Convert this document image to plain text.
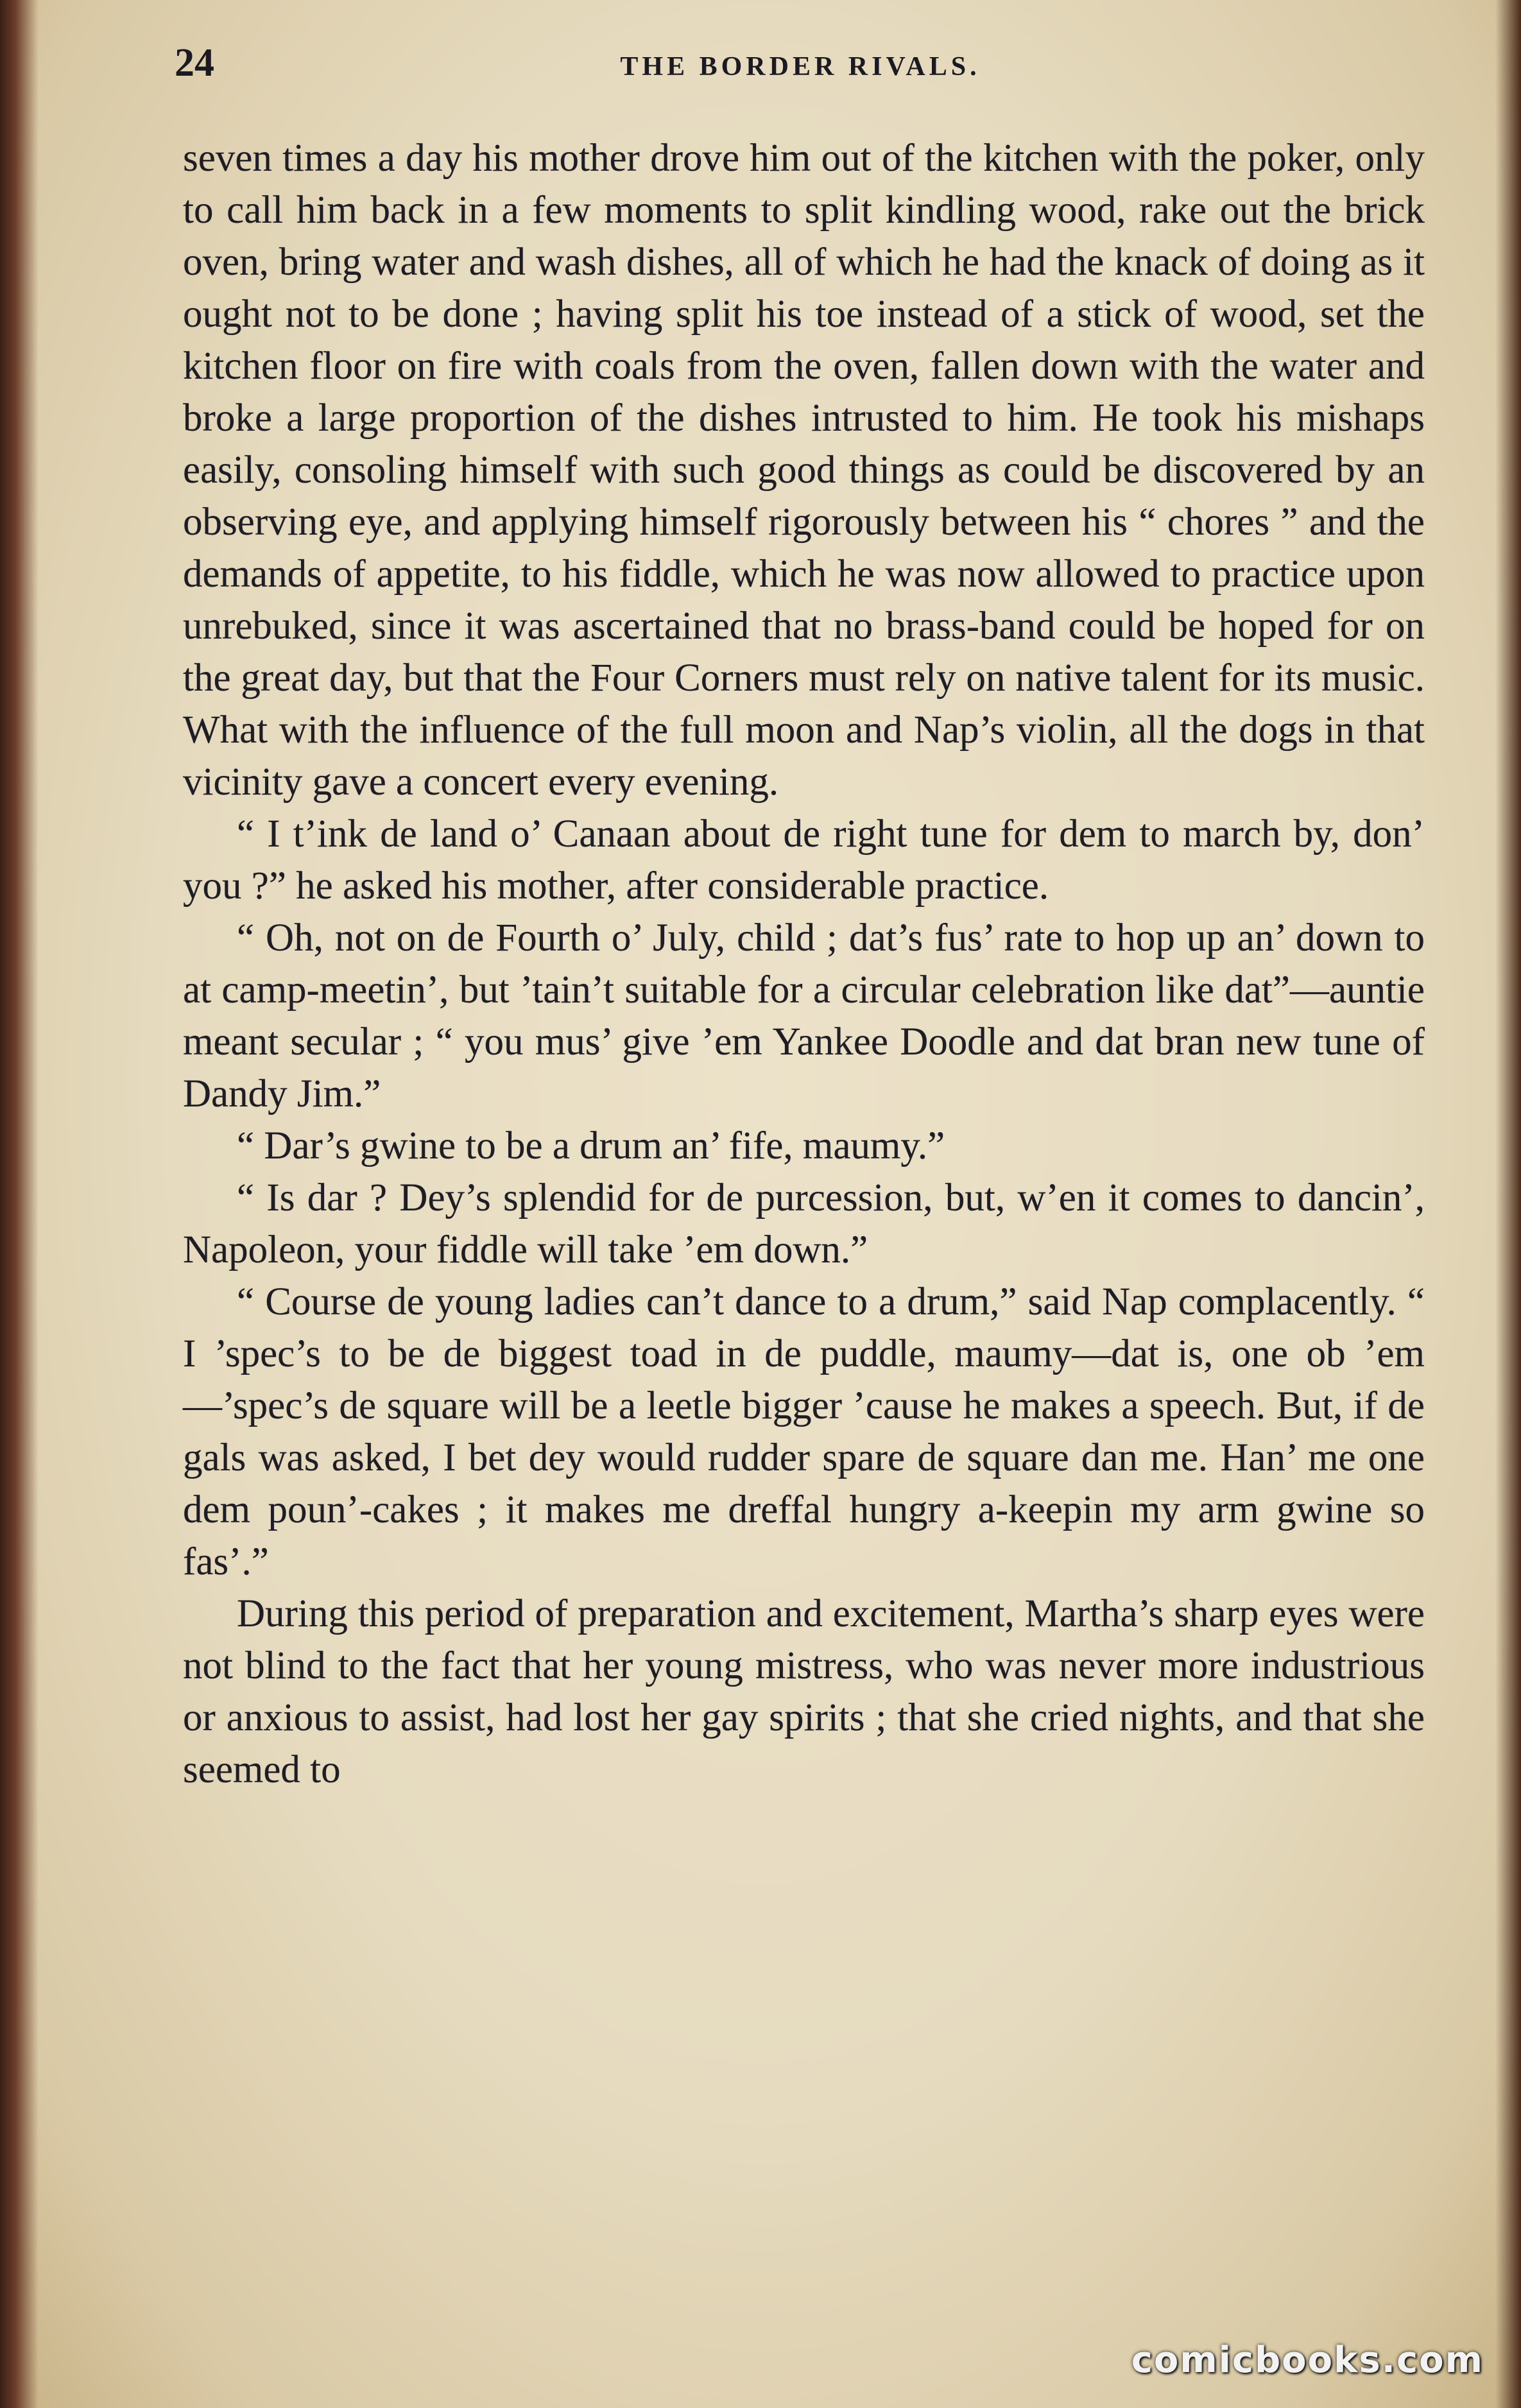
24	THE BORDER RIVALS.

seven times a day his mother drove him out of the kitchen with the poker, only to call him back in a few moments to split kindling wood, rake out the brick oven, bring water and wash dishes, all of which he had the knack of doing as it ought not to be done ; having split his toe instead of a stick of wood, set the kitchen floor on fire with coals from the oven, fallen down with the water and broke a large proportion of the dishes intrusted to him. He took his mishaps easily, consoling himself with such good things as could be discovered by an observing eye, and applying himself rigorously between his “ chores ” and the demands of appetite, to his fiddle, which he was now allowed to practice upon unrebuked, since it was ascertained that no brass-band could be hoped for on the great day, but that the Four Corners must rely on native talent for its music. What with the influence of the full moon and Nap’s violin, all the dogs in that vicinity gave a concert every evening.

“ I t’ink de land o’ Canaan about de right tune for dem to march by, don’ you ?” he asked his mother, after considerable practice.

“ Oh, not on de Fourth o’ July, child ; dat’s fus’ rate to hop up an’ down to at camp-meetin’, but ’tain’t suitable for a circular celebration like dat”—auntie meant secular ; “ you mus’ give ’em Yankee Doodle and dat bran new tune of Dandy Jim.”

“ Dar’s gwine to be a drum an’ fife, maumy.”

“ Is dar ? Dey’s splendid for de purcession, but, w’en it comes to dancin’, Napoleon, your fiddle will take ’em down.”

“ Course de young ladies can’t dance to a drum,” said Nap complacently. “ I ’spec’s to be de biggest toad in de puddle, maumy—dat is, one ob ’em—’spec’s de square will be a leetle bigger ’cause he makes a speech. But, if de gals was asked, I bet dey would rudder spare de square dan me. Han’ me one dem poun’-cakes ; it makes me dreffal hungry a-keepin my arm gwine so fas’.”

During this period of preparation and excitement, Martha’s sharp eyes were not blind to the fact that her young mistress, who was never more industrious or anxious to assist, had lost her gay spirits ; that she cried nights, and that she seemed to

comicbooks.com
